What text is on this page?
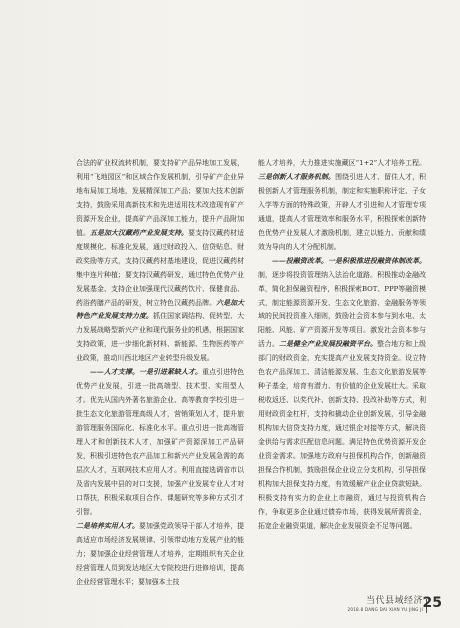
合法的矿业权流转机制，要支持矿产品异地加工发展，利用“飞地园区”和区域合作发展机制，引导矿产企业异地布局加工场地，发展精深加工产品；要加大技术创新支持，鼓励采用高新技术和先进适用技术改造现有矿产资源开发企业，提高矿产品深加工能力，提升产品附加值。五是加大汉藏药产业发展支持。要支持汉藏药材适度规模化、标准化发展，通过财政投入、信贷贴息、财政奖励等方式，支持汉藏药材基地建设，促进汉藏药材集中连片种植；要支持汉藏药研发，通过特色优势产业发展基金、支持企业加强现代汉藏药饮片、保健食品、药浴药膳产品的研发，树立特色汉藏药品牌。六是加大特色产业发展支持力度。抓住国家调结构、促转型、大力发展战略型新兴产业和现代服务业的机遇，根据国家支持政策，进一步细化新材料、新能源、生物医药等产业政策，推动川西北地区产业转型升级发展。

——人才支撑。一是引进紧缺人才。重点引进特色优势产业发展，引进一批高端型、技术型、实用型人才。优先从国内外著名旅游企业、高等教育学校引进一批生态文化旅游管理高级人才，营销策划人才，提升旅游管理服务国际化、标准化水平。重点引进一批高端管理人才和创新技术人才，加强矿产资源深加工产品研发，积极引进特色农产品加工和新兴产业发展急需的高层次人才，互联网技术应用人才。利用直接选调省市以及省内发展中县的对口支援，加强产业发展专业人才对口帮扶，积极采取项目合作、课题研究等多种方式引才引智。

二是培养实用人才。要加强党政领导干部人才培养，提高适应市场经济发展规律、引领带动地方发展产业的能力；要加强企业经营管理人才培养，定期组织有关企业经营管理人员到发达地区大专院校进行进修培训，提高企业经营管理水平；要加强本土技

能人才培养，大力推进实施藏区“1+2”人才培养工程。三是创新人才服务机制。围绕引进人才、留住人才，积极创新人才管理服务机制，制定和实施职称评定、子女入学等方面的特殊政策，开辟人才引进和人才管理专项通道，提高人才管理效率和服务水平，积极探索创新特色优势产业发展人才激励机制，建立以能力、贡献和绩效为导向的人才分配机制。

——投融资改革。一是积极推进投融资体制改革。制，逐步将投资管理纳入法治化道路。积极推动金融改革，简化担保融资程序，积极探索BOT、PPP等融资模式，制定能源资源开发、生态文化旅游、金融服务等领域的民间投资准入细则，鼓励社会资本参与到水电、太阳能、风能、矿产资源开发等项目。激发社会资本参与活力。二是健全产业发展投融资平台。整合地方和上级部门的财政资金，充实提高产业发展支持资金。设立特色农产品深加工、清洁能源发展、生态文化旅游发展等种子基金，培育有潜力、有价值的企业发展壮大。采取税收返还、以奖代补、创新支持、投改补助等方式，利用财政资金杠杆，支持和撬动企业创新发展，引导金融机构加大信贷支持力度，通过银企对接等方式，解决资金供给与需求匹配信息问题。满足特色优势资源开发企业资金需求。加强地方政府与担保机构合作，创新融资担保合作机制，鼓励担保企业设立分支机构，引导担保机构加大担保支持力度，有效缓解产业企业贷款短缺。积极支持有实力的企业上市融资，通过与投资机构合作，争取更多企业通过债券市场，获得发展所需资金，拓宽企业融资渠道，解决企业发展资金不足等问题。

当代县域经济
2018.8 DANG DAI XIAN YU JING JI 25
